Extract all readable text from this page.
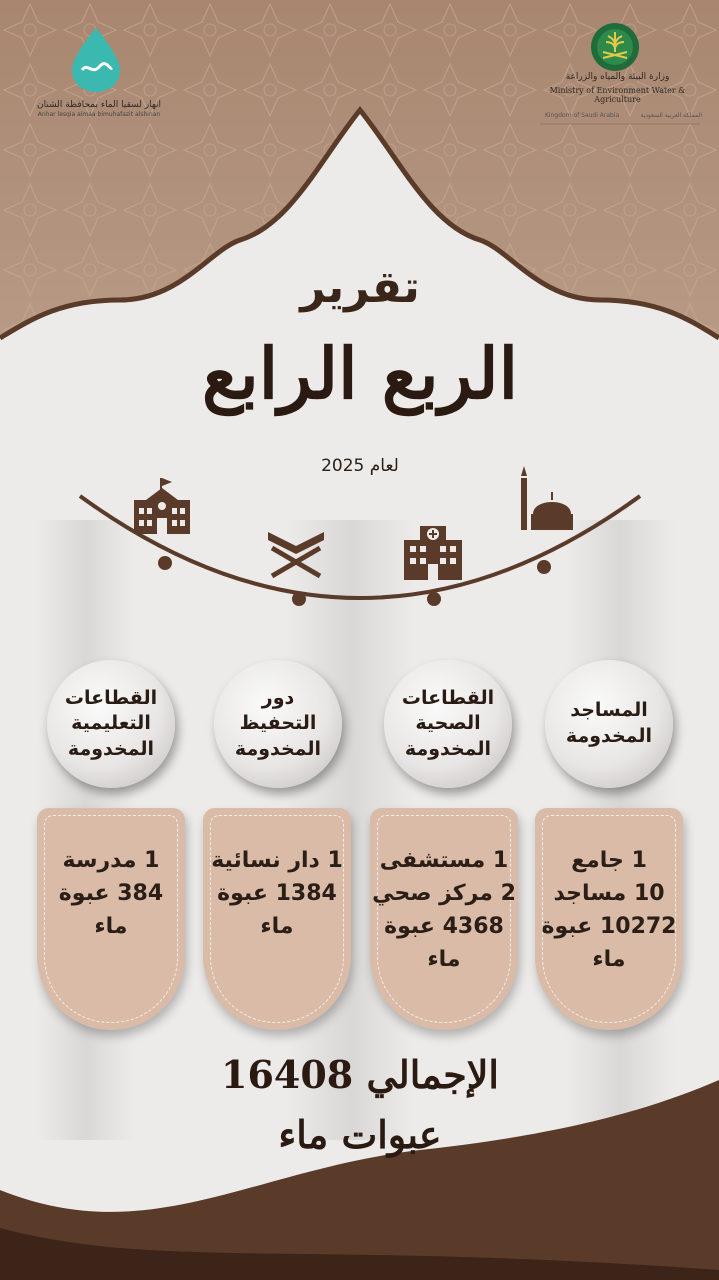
انهار لسقيا الماء بمحافظة الشنان
Anhar lesqia almaa bimuhafazit alshinan
وزارة البيئة والمياه والزراعة
Ministry of Environment Water & Agriculture
Kingdom of Saudi Arabia	المملكة العربية السعودية
تقرير
الربع الرابع
لعام 2025
المساجد
المخدومة
القطاعات
الصحية
المخدومة
دور
التحفيظ
المخدومة
القطاعات
التعليمية
المخدومة
1 جامع
10 مساجد
10272 عبوة
ماء
1 مستشفى
2 مركز صحي
4368 عبوة
ماء
1 دار نسائية
1384 عبوة
ماء
1 مدرسة
384 عبوة
ماء
الإجمالي 16408
عبوات ماء
